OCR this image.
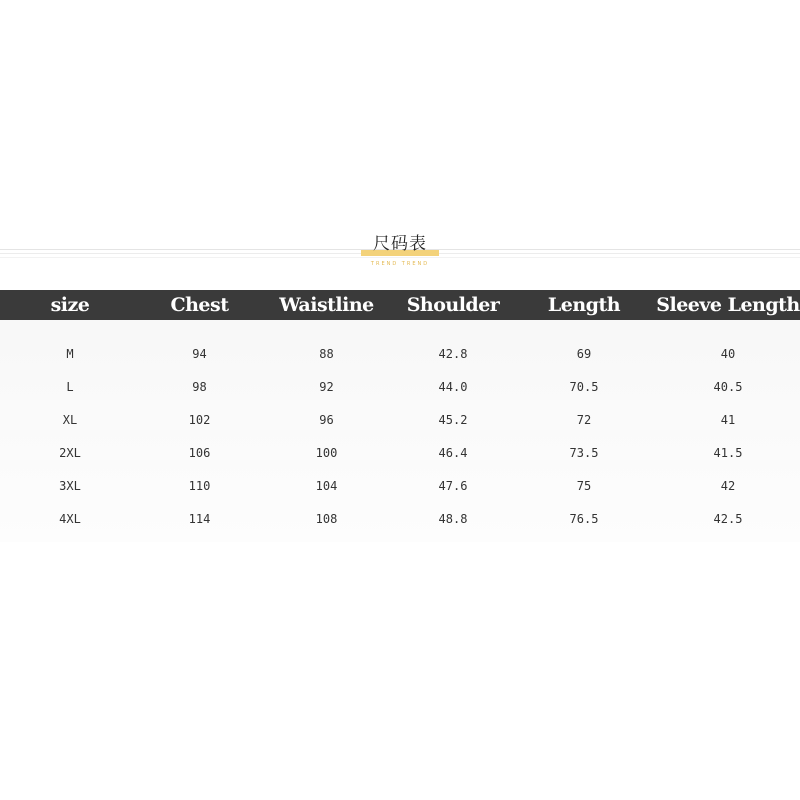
尺码表
TREND TREND
size	Chest	Waistline	Shoulder	Length	Sleeve Length
M	94	88	42.8	69	40
L	98	92	44.0	70.5	40.5
XL	102	96	45.2	72	41
2XL	106	100	46.4	73.5	41.5
3XL	110	104	47.6	75	42
4XL	114	108	48.8	76.5	42.5
